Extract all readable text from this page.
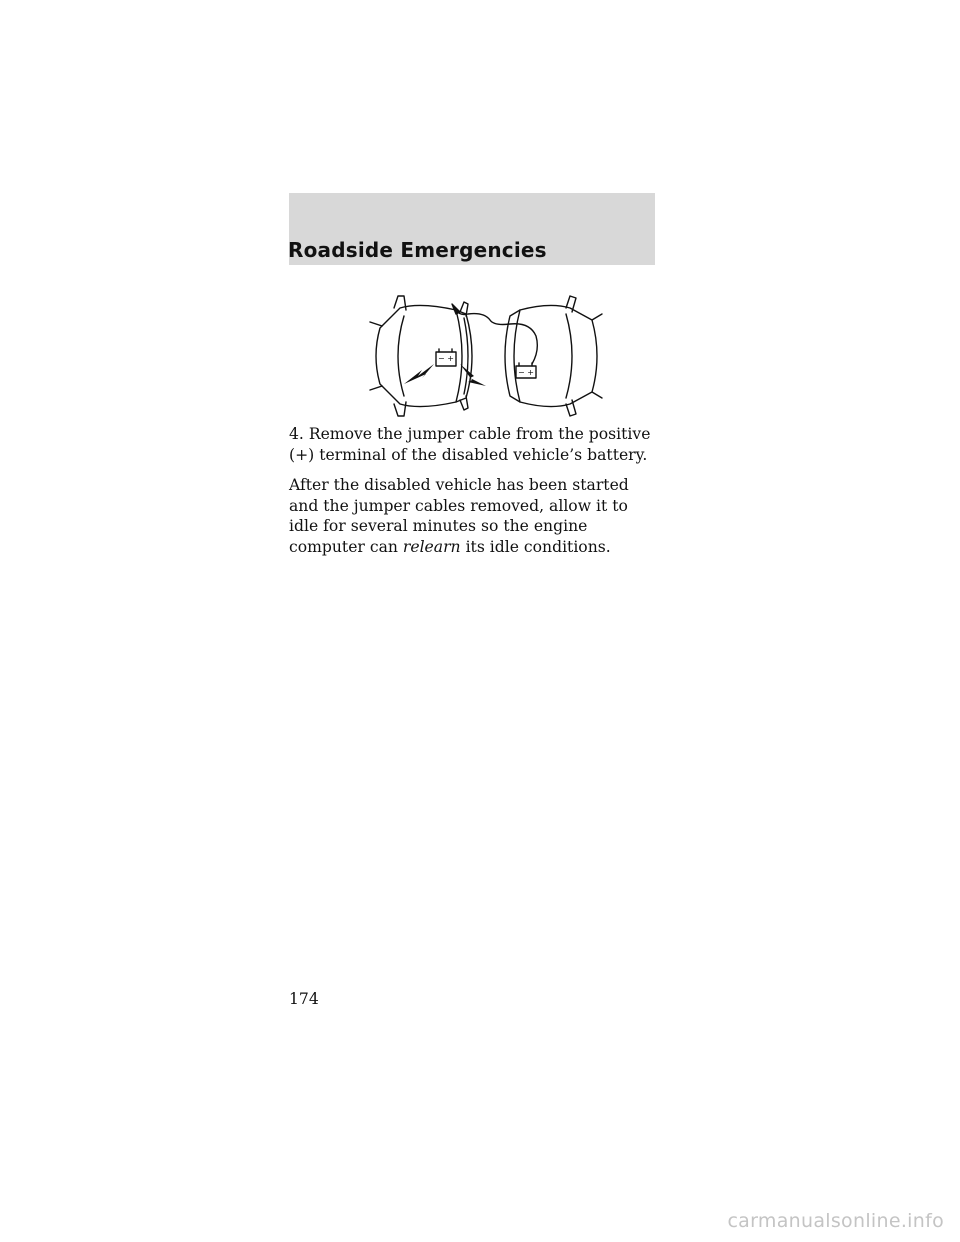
Roadside Emergencies
− +
− +

4. Remove the jumper cable from the positive (+) terminal of the disabled vehicle’s battery.

After the disabled vehicle has been started and the jumper cables removed, allow it to idle for several minutes so the engine computer can relearn its idle conditions.

174
carmanualsonline.info
